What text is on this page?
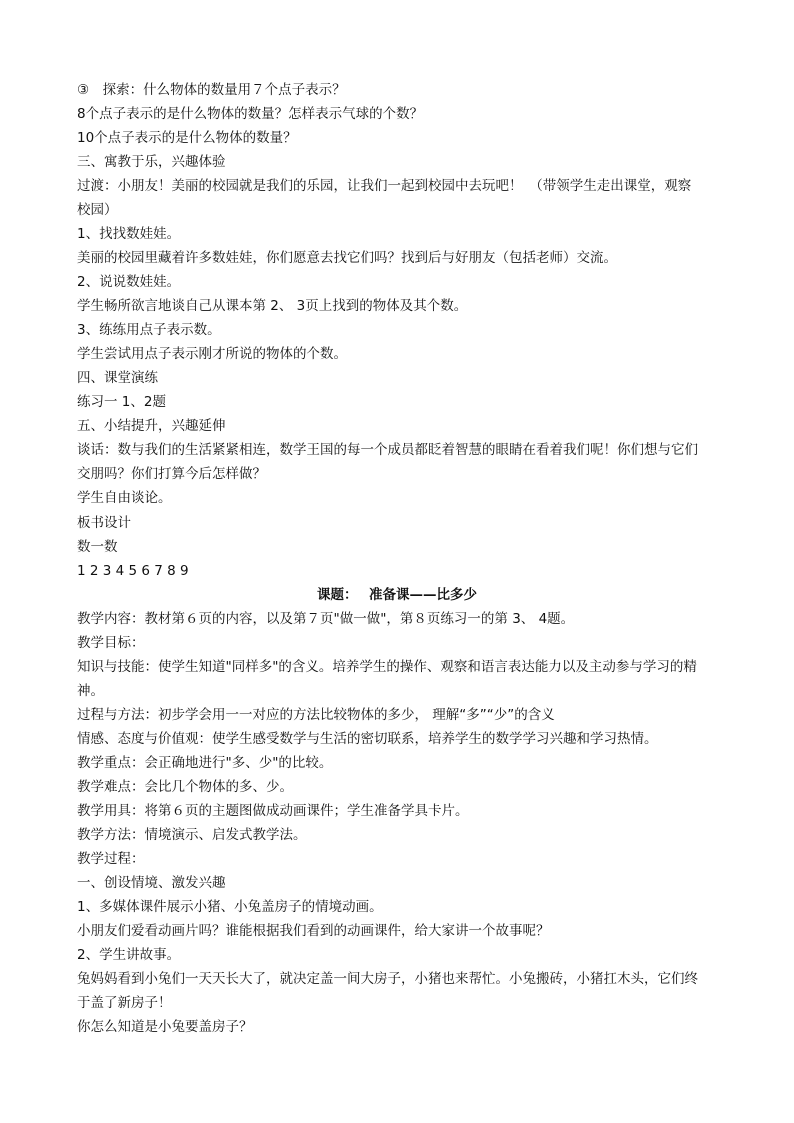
③　探索：什么物体的数量用７个点子表示？
8个点子表示的是什么物体的数量？怎样表示气球的个数？
10个点子表示的是什么物体的数量？
三、寓教于乐，兴趣体验
过渡：小朋友！美丽的校园就是我们的乐园，让我们一起到校园中去玩吧！　（带领学生走出课堂，观察
校园）
1、找找数娃娃。
美丽的校园里藏着许多数娃娃，你们愿意去找它们吗？找到后与好朋友（包括老师）交流。
2、说说数娃娃。
学生畅所欲言地谈自己从课本第 2、 3页上找到的物体及其个数。
3、练练用点子表示数。
学生尝试用点子表示刚才所说的物体的个数。
四、课堂演练
练习一 1、2题
五、小结提升，兴趣延伸
谈话：数与我们的生活紧紧相连，数学王国的每一个成员都眨着智慧的眼睛在看着我们呢！你们想与它们
交朋吗？你们打算今后怎样做？
学生自由谈论。
板书设计
数一数
1 2 3 4 5 6 7 8 9
课题：　 准备课——比多少
教学内容：教材第６页的内容，以及第７页"做一做"，第８页练习一的第 3、 4题。
教学目标：
知识与技能：使学生知道"同样多"的含义。培养学生的操作、观察和语言表达能力以及主动参与学习的精
神。
过程与方法：初步学会用一一对应的方法比较物体的多少， 理解“多”“少”的含义
情感、态度与价值观：使学生感受数学与生活的密切联系，培养学生的数学学习兴趣和学习热情。
教学重点：会正确地进行"多、少"的比较。
教学难点：会比几个物体的多、少。
教学用具：将第６页的主题图做成动画课件；学生准备学具卡片。
教学方法：情境演示、启发式教学法。
教学过程：
一、创设情境、激发兴趣
1、多媒体课件展示小猪、小兔盖房子的情境动画。
小朋友们爱看动画片吗？谁能根据我们看到的动画课件，给大家讲一个故事呢？
2、学生讲故事。
兔妈妈看到小兔们一天天长大了，就决定盖一间大房子，小猪也来帮忙。小兔搬砖，小猪扛木头，它们终
于盖了新房子！
你怎么知道是小兔要盖房子？
